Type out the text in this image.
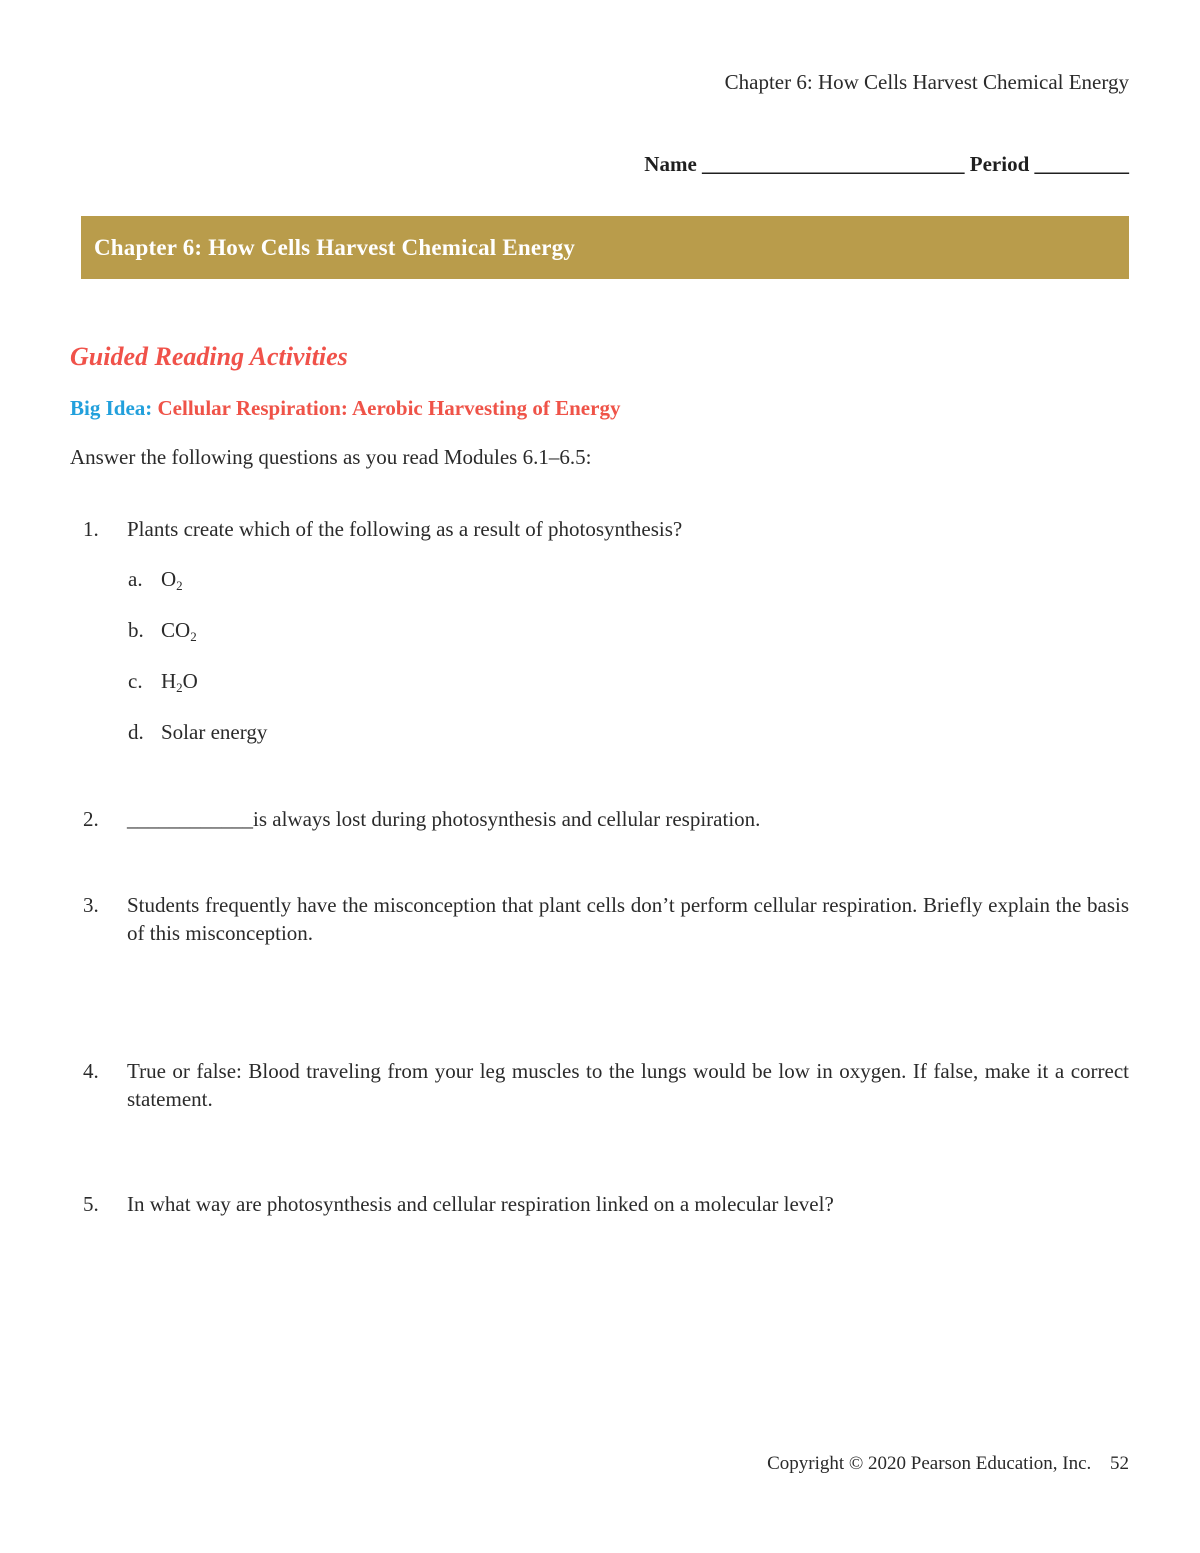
Chapter 6: How Cells Harvest Chemical Energy
Name _________________________ Period _________
Chapter 6: How Cells Harvest Chemical Energy
Guided Reading Activities
Big Idea: Cellular Respiration: Aerobic Harvesting of Energy
Answer the following questions as you read Modules 6.1–6.5:
1.	Plants create which of the following as a result of photosynthesis?
a. $O_2$
b. $CO_2$
c. $H_2O$
d. Solar energy
2.	____________is always lost during photosynthesis and cellular respiration.
3.	Students frequently have the misconception that plant cells don’t perform cellular respiration. Briefly explain the basis of this misconception.
4.	True or false: Blood traveling from your leg muscles to the lungs would be low in oxygen. If false, make it a correct statement.
5.	In what way are photosynthesis and cellular respiration linked on a molecular level?
Copyright © 2020 Pearson Education, Inc. 52
